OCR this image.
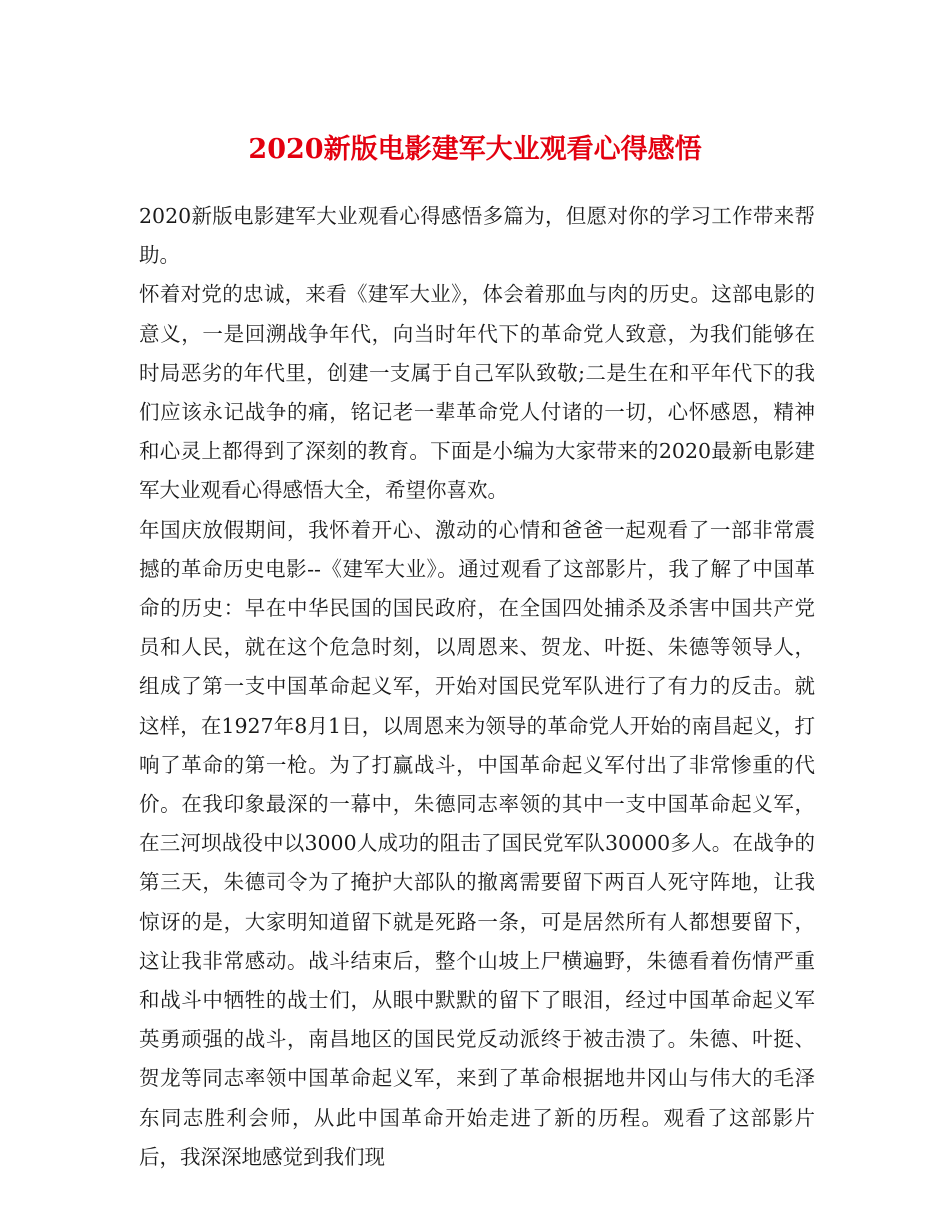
2020新版电影建军大业观看心得感悟

2020新版电影建军大业观看心得感悟多篇为，但愿对你的学习工作带来帮助。

怀着对党的忠诚，来看《建军大业》，体会着那血与肉的历史。这部电影的意义，一是回溯战争年代，向当时年代下的革命党人致意，为我们能够在时局恶劣的年代里，创建一支属于自己军队致敬;二是生在和平年代下的我们应该永记战争的痛，铭记老一辈革命党人付诸的一切，心怀感恩，精神和心灵上都得到了深刻的教育。下面是小编为大家带来的2020最新电影建军大业观看心得感悟大全，希望你喜欢。

年国庆放假期间，我怀着开心、激动的心情和爸爸一起观看了一部非常震撼的革命历史电影--《建军大业》。通过观看了这部影片，我了解了中国革命的历史：早在中华民国的国民政府，在全国四处捕杀及杀害中国共产党员和人民，就在这个危急时刻，以周恩来、贺龙、叶挺、朱德等领导人，组成了第一支中国革命起义军，开始对国民党军队进行了有力的反击。就这样，在1927年8月1日，以周恩来为领导的革命党人开始的南昌起义，打响了革命的第一枪。为了打赢战斗，中国革命起义军付出了非常惨重的代价。在我印象最深的一幕中，朱德同志率领的其中一支中国革命起义军，在三河坝战役中以3000人成功的阻击了国民党军队30000多人。在战争的第三天，朱德司令为了掩护大部队的撤离需要留下两百人死守阵地，让我惊讶的是，大家明知道留下就是死路一条，可是居然所有人都想要留下，这让我非常感动。战斗结束后，整个山坡上尸横遍野，朱德看着伤情严重和战斗中牺牲的战士们，从眼中默默的留下了眼泪，经过中国革命起义军英勇顽强的战斗，南昌地区的国民党反动派终于被击溃了。朱德、叶挺、贺龙等同志率领中国革命起义军，来到了革命根据地井冈山与伟大的毛泽东同志胜利会师，从此中国革命开始走进了新的历程。观看了这部影片后，我深深地感觉到我们现
